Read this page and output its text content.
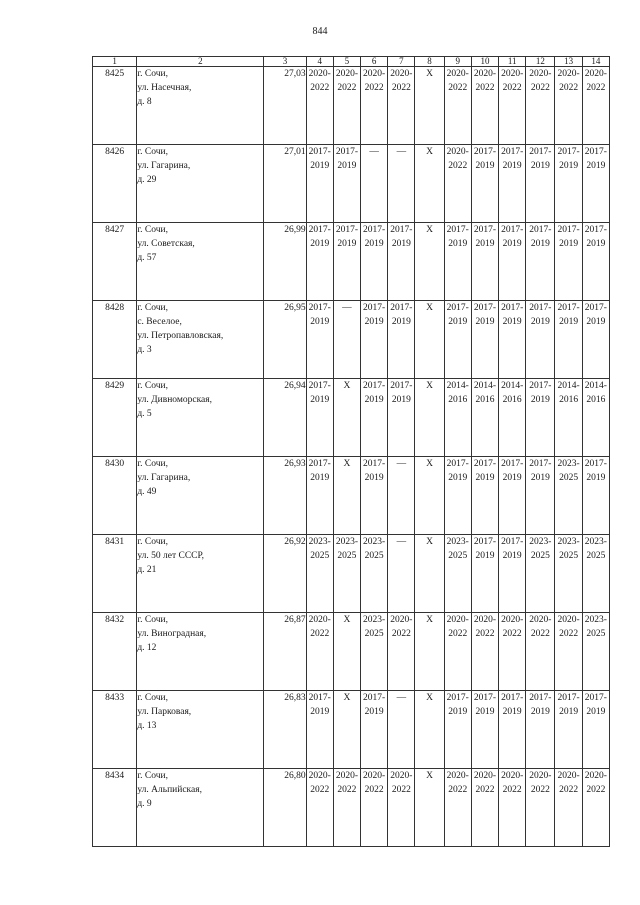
844
1	2	3	4	5	6	7	8	9	10	11	12	13	14
8425	г. Сочи,
ул. Насечная,
д. 8	27,03	2020-
2022	2020-
2022	2020-
2022	2020-
2022	X	2020-
2022	2020-
2022	2020-
2022	2020-
2022	2020-
2022	2020-
2022

8426	г. Сочи,
ул. Гагарина,
д. 29	27,01	2017-
2019	2017-
2019	—	—	X	2020-
2022	2017-
2019	2017-
2019	2017-
2019	2017-
2019	2017-
2019

8427	г. Сочи,
ул. Советская,
д. 57	26,99	2017-
2019	2017-
2019	2017-
2019	2017-
2019	X	2017-
2019	2017-
2019	2017-
2019	2017-
2019	2017-
2019	2017-
2019

8428	г. Сочи,
с. Веселое,
ул. Петропавловская,
д. 3	26,95	2017-
2019	—	2017-
2019	2017-
2019	X	2017-
2019	2017-
2019	2017-
2019	2017-
2019	2017-
2019	2017-
2019

8429	г. Сочи,
ул. Дивноморская,
д. 5	26,94	2017-
2019	X	2017-
2019	2017-
2019	X	2014-
2016	2014-
2016	2014-
2016	2017-
2019	2014-
2016	2014-
2016

8430	г. Сочи,
ул. Гагарина,
д. 49	26,93	2017-
2019	X	2017-
2019	—	X	2017-
2019	2017-
2019	2017-
2019	2017-
2019	2023-
2025	2017-
2019

8431	г. Сочи,
ул. 50 лет СССР,
д. 21	26,92	2023-
2025	2023-
2025	2023-
2025	—	X	2023-
2025	2017-
2019	2017-
2019	2023-
2025	2023-
2025	2023-
2025

8432	г. Сочи,
ул. Виноградная,
д. 12	26,87	2020-
2022	X	2023-
2025	2020-
2022	X	2020-
2022	2020-
2022	2020-
2022	2020-
2022	2020-
2022	2023-
2025

8433	г. Сочи,
ул. Парковая,
д. 13	26,83	2017-
2019	X	2017-
2019	—	X	2017-
2019	2017-
2019	2017-
2019	2017-
2019	2017-
2019	2017-
2019

8434	г. Сочи,
ул. Альпийская,
д. 9	26,80	2020-
2022	2020-
2022	2020-
2022	2020-
2022	X	2020-
2022	2020-
2022	2020-
2022	2020-
2022	2020-
2022	2020-
2022
